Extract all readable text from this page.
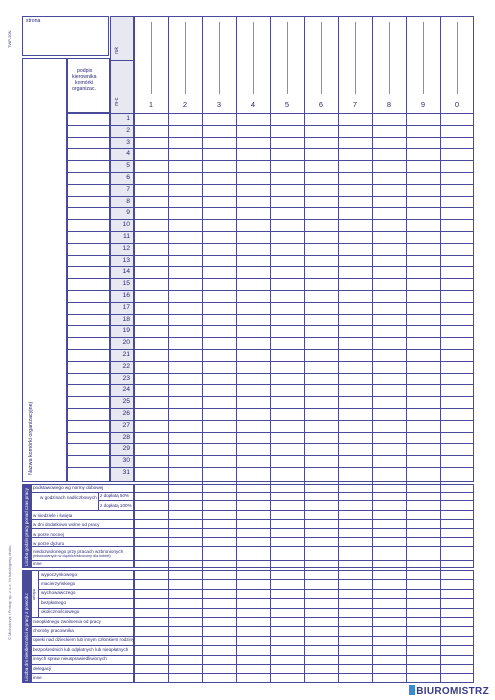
TWP-20N
© Michalczyk i Prokop sp. z o.o. Nr katalogowy druku
strona
Nazwa komórki organizacyjnej
podpis
kierownika
komórki
organizac.
rok
m-c	1	2	3	4	5	6	7	8	9	0
1
2
3
4
5
6
7
8
9
10
11
12
13
14
15
16
17
18
19
20
21
22
23
24
25
26
27
28
29
30
31
Liczba godzin pracy ponad czas pracy
podstawowego wg normy dobowej
w godzinach nadliczbowych z dopłatą 50%
z dopłatą 100%
w niedziele i święta
w dni dodatkowo wolne od pracy
w porze nocnej
w porze dyżuru
niedozwolonego przy pracach wzbronionych
(młodocianych w ciężkich/skrócony dla kobiet)
inne
Liczba dni nieobecności w pracy z powodu: urlopu
wypoczynkowego
macierzyńskiego
wychowawczego
bezpłatnego
okolicznościowego
nieopłatnego zwolnienia od pracy
choroby pracownika
opieki nad dzieckiem lub innym członkiem rodziny
bezpośrednich lub odpłatnych lub nieopłatnych
innych spraw nieusprawiedliwionych
delegacji
inne
BIUROMISTRZ
